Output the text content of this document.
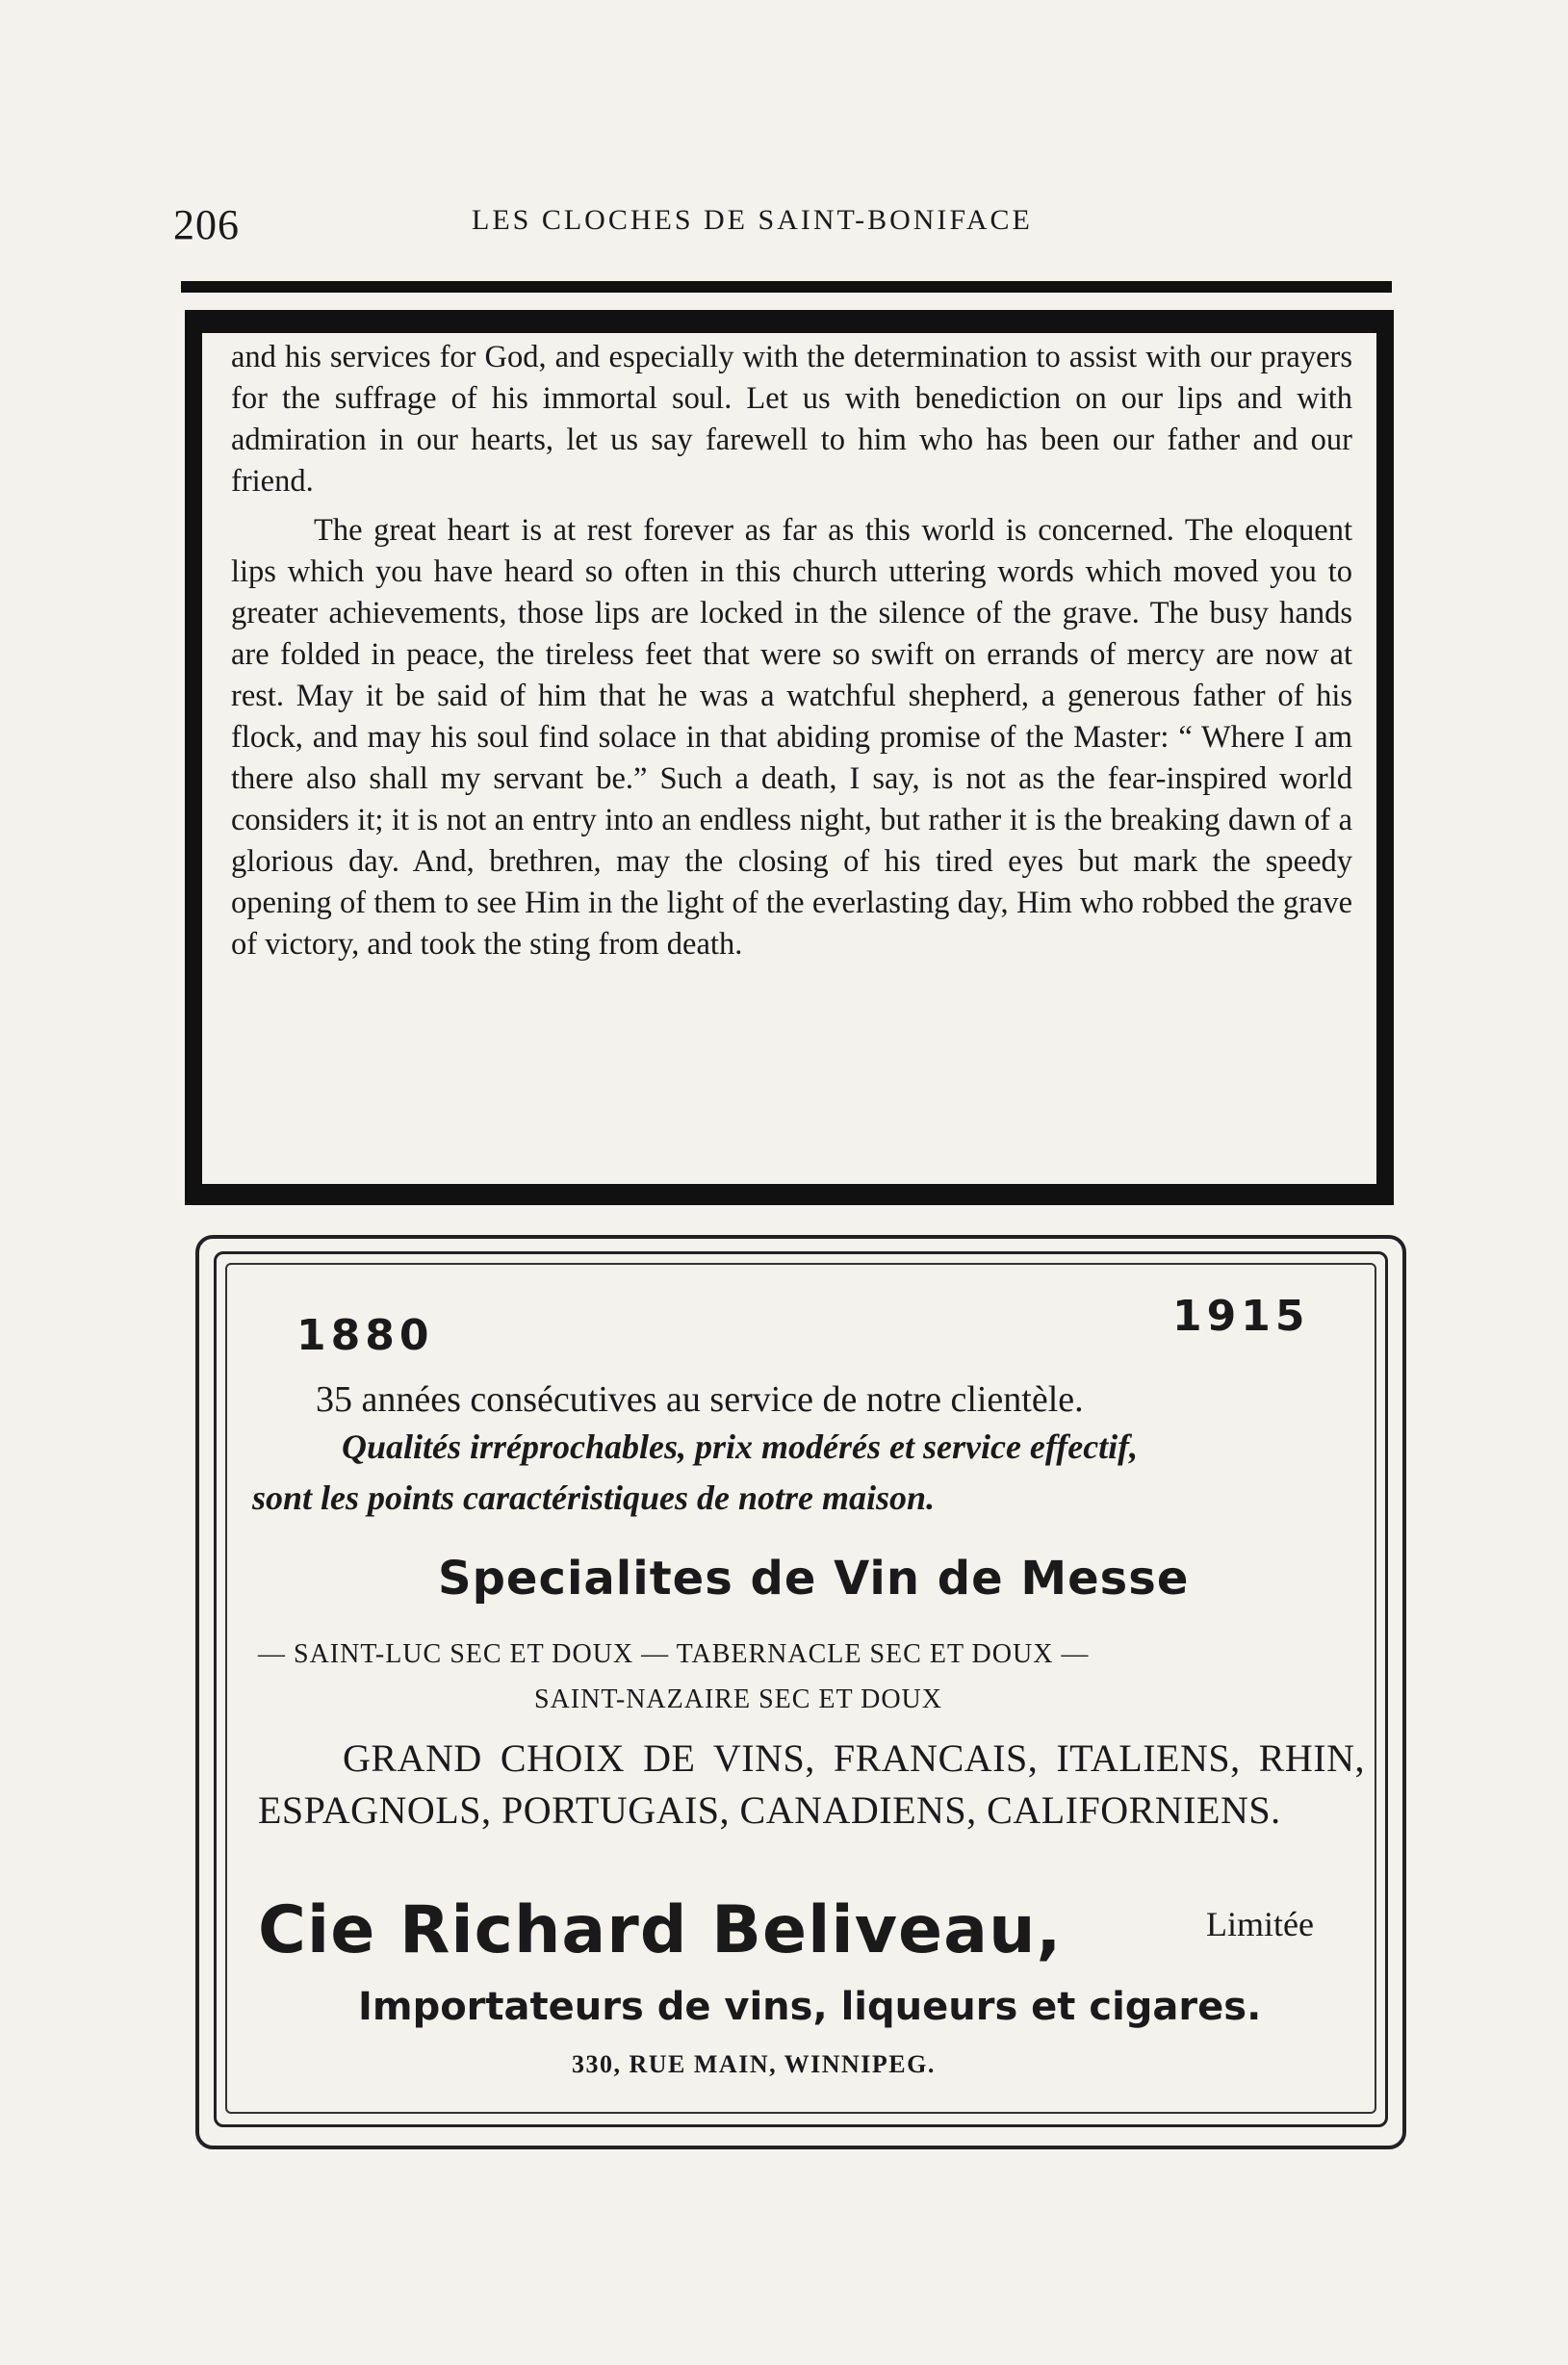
206	LES CLOCHES DE SAINT-BONIFACE

and his services for God, and especially with the determination to assist with our prayers for the suffrage of his immortal soul. Let us with benediction on our lips and with admiration in our hearts, let us say farewell to him who has been our father and our friend.

The great heart is at rest forever as far as this world is concerned. The eloquent lips which you have heard so often in this church uttering words which moved you to greater achievements, those lips are locked in the silence of the grave. The busy hands are folded in peace, the tireless feet that were so swift on errands of mercy are now at rest. May it be said of him that he was a watchful shepherd, a generous father of his flock, and may his soul find solace in that abiding promise of the Master: “ Where I am there also shall my servant be.” Such a death, I say, is not as the fear-inspired world considers it; it is not an entry into an endless night, but rather it is the breaking dawn of a glorious day. And, brethren, may the closing of his tired eyes but mark the speedy opening of them to see Him in the light of the everlasting day, Him who robbed the grave of victory, and took the sting from death.

1880	1915
35 années consécutives au service de notre clientèle.
Qualités irréprochables, prix modérés et service effectif,
sont les points caractéristiques de notre maison.
Specialites de Vin de Messe
— SAINT-LUC SEC ET DOUX — TABERNACLE SEC ET DOUX —
SAINT-NAZAIRE SEC ET DOUX
GRAND CHOIX DE VINS, FRANCAIS, ITALIENS, RHIN, ESPAGNOLS, PORTUGAIS, CANADIENS, CALIFORNIENS.
Cie Richard Beliveau,	Limitée
Importateurs de vins, liqueurs et cigares.
330, RUE MAIN, WINNIPEG.
